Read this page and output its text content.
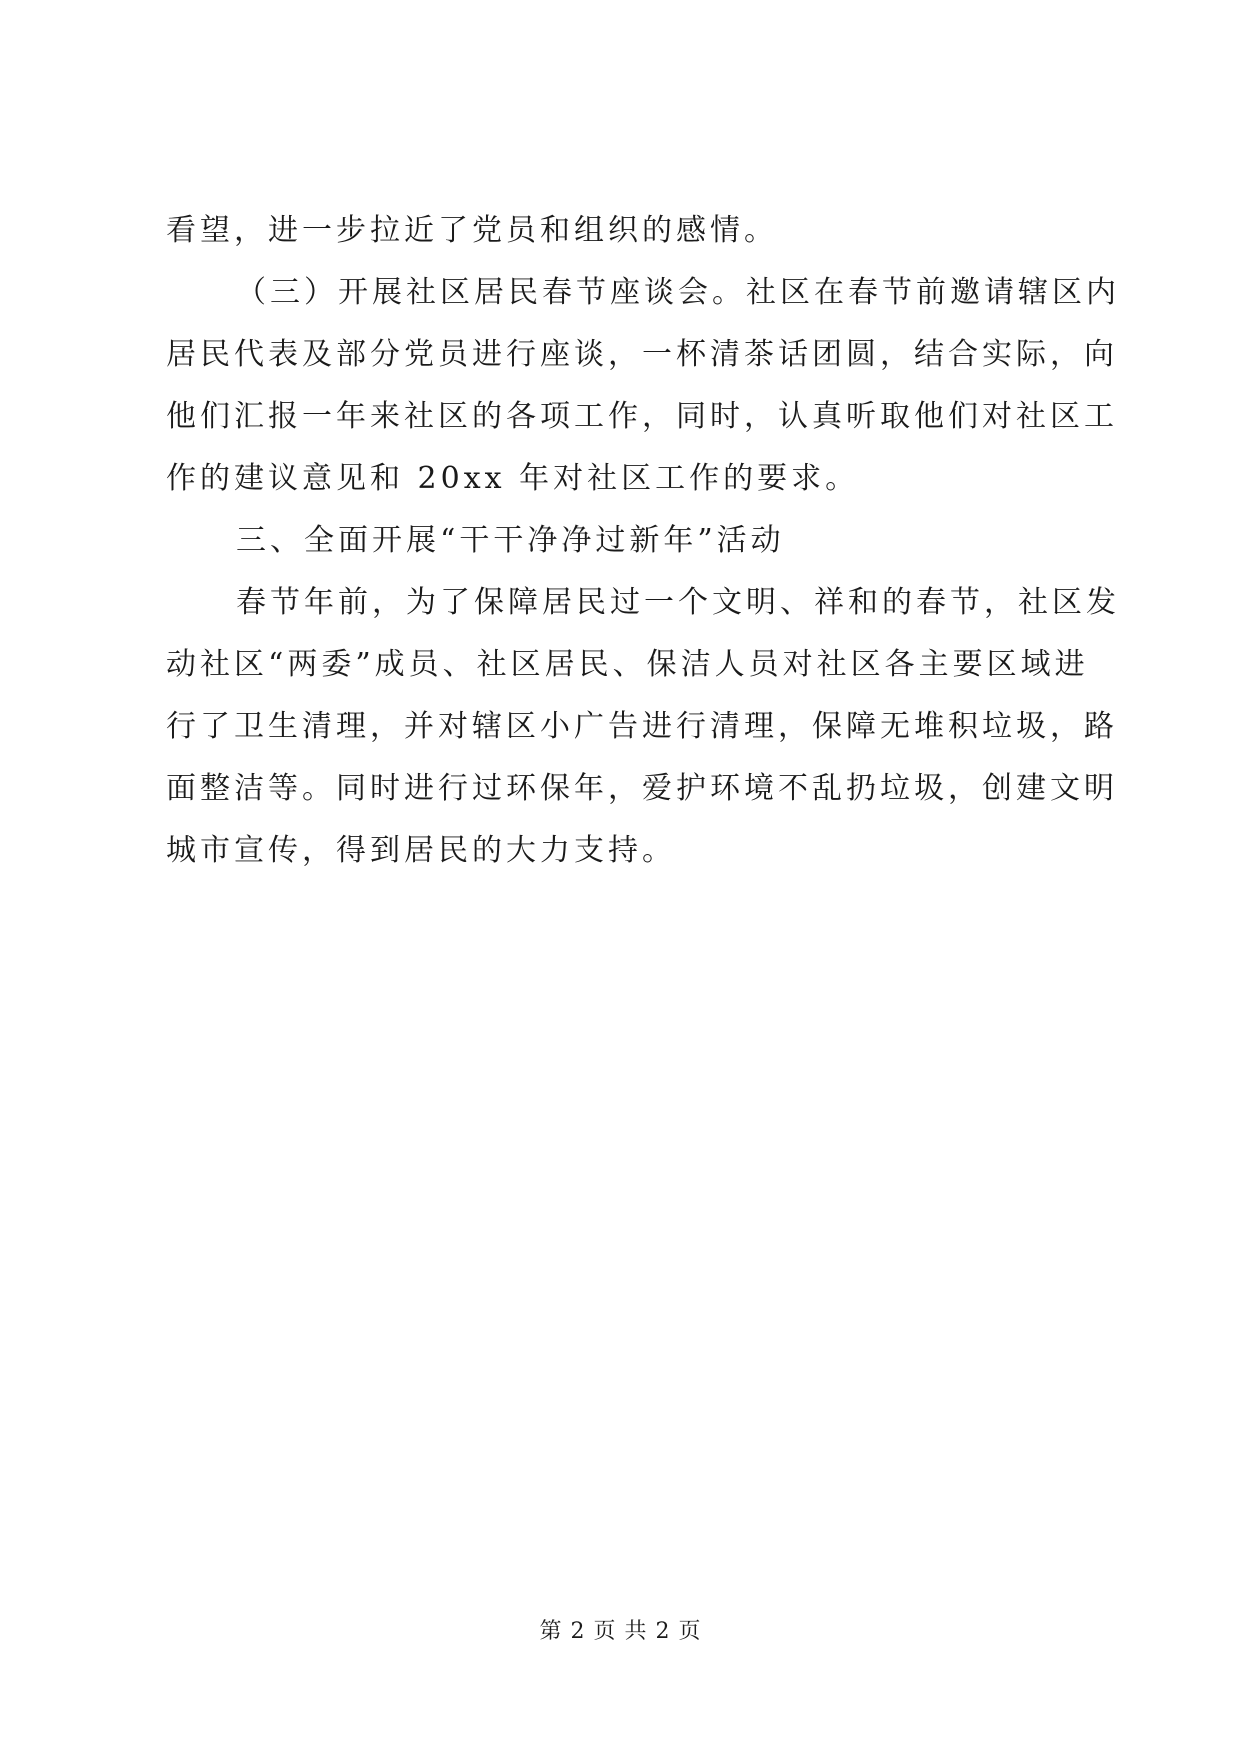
看望，进一步拉近了党员和组织的感情。
（三）开展社区居民春节座谈会。社区在春节前邀请辖区内
居民代表及部分党员进行座谈，一杯清茶话团圆，结合实际，向
他们汇报一年来社区的各项工作，同时，认真听取他们对社区工
作的建议意见和 20xx 年对社区工作的要求。
三、全面开展“干干净净过新年”活动
春节年前，为了保障居民过一个文明、祥和的春节，社区发
动社区“两委”成员、社区居民、保洁人员对社区各主要区域进
行了卫生清理，并对辖区小广告进行清理，保障无堆积垃圾，路
面整洁等。同时进行过环保年，爱护环境不乱扔垃圾，创建文明
城市宣传，得到居民的大力支持。
第 2 页 共 2 页
